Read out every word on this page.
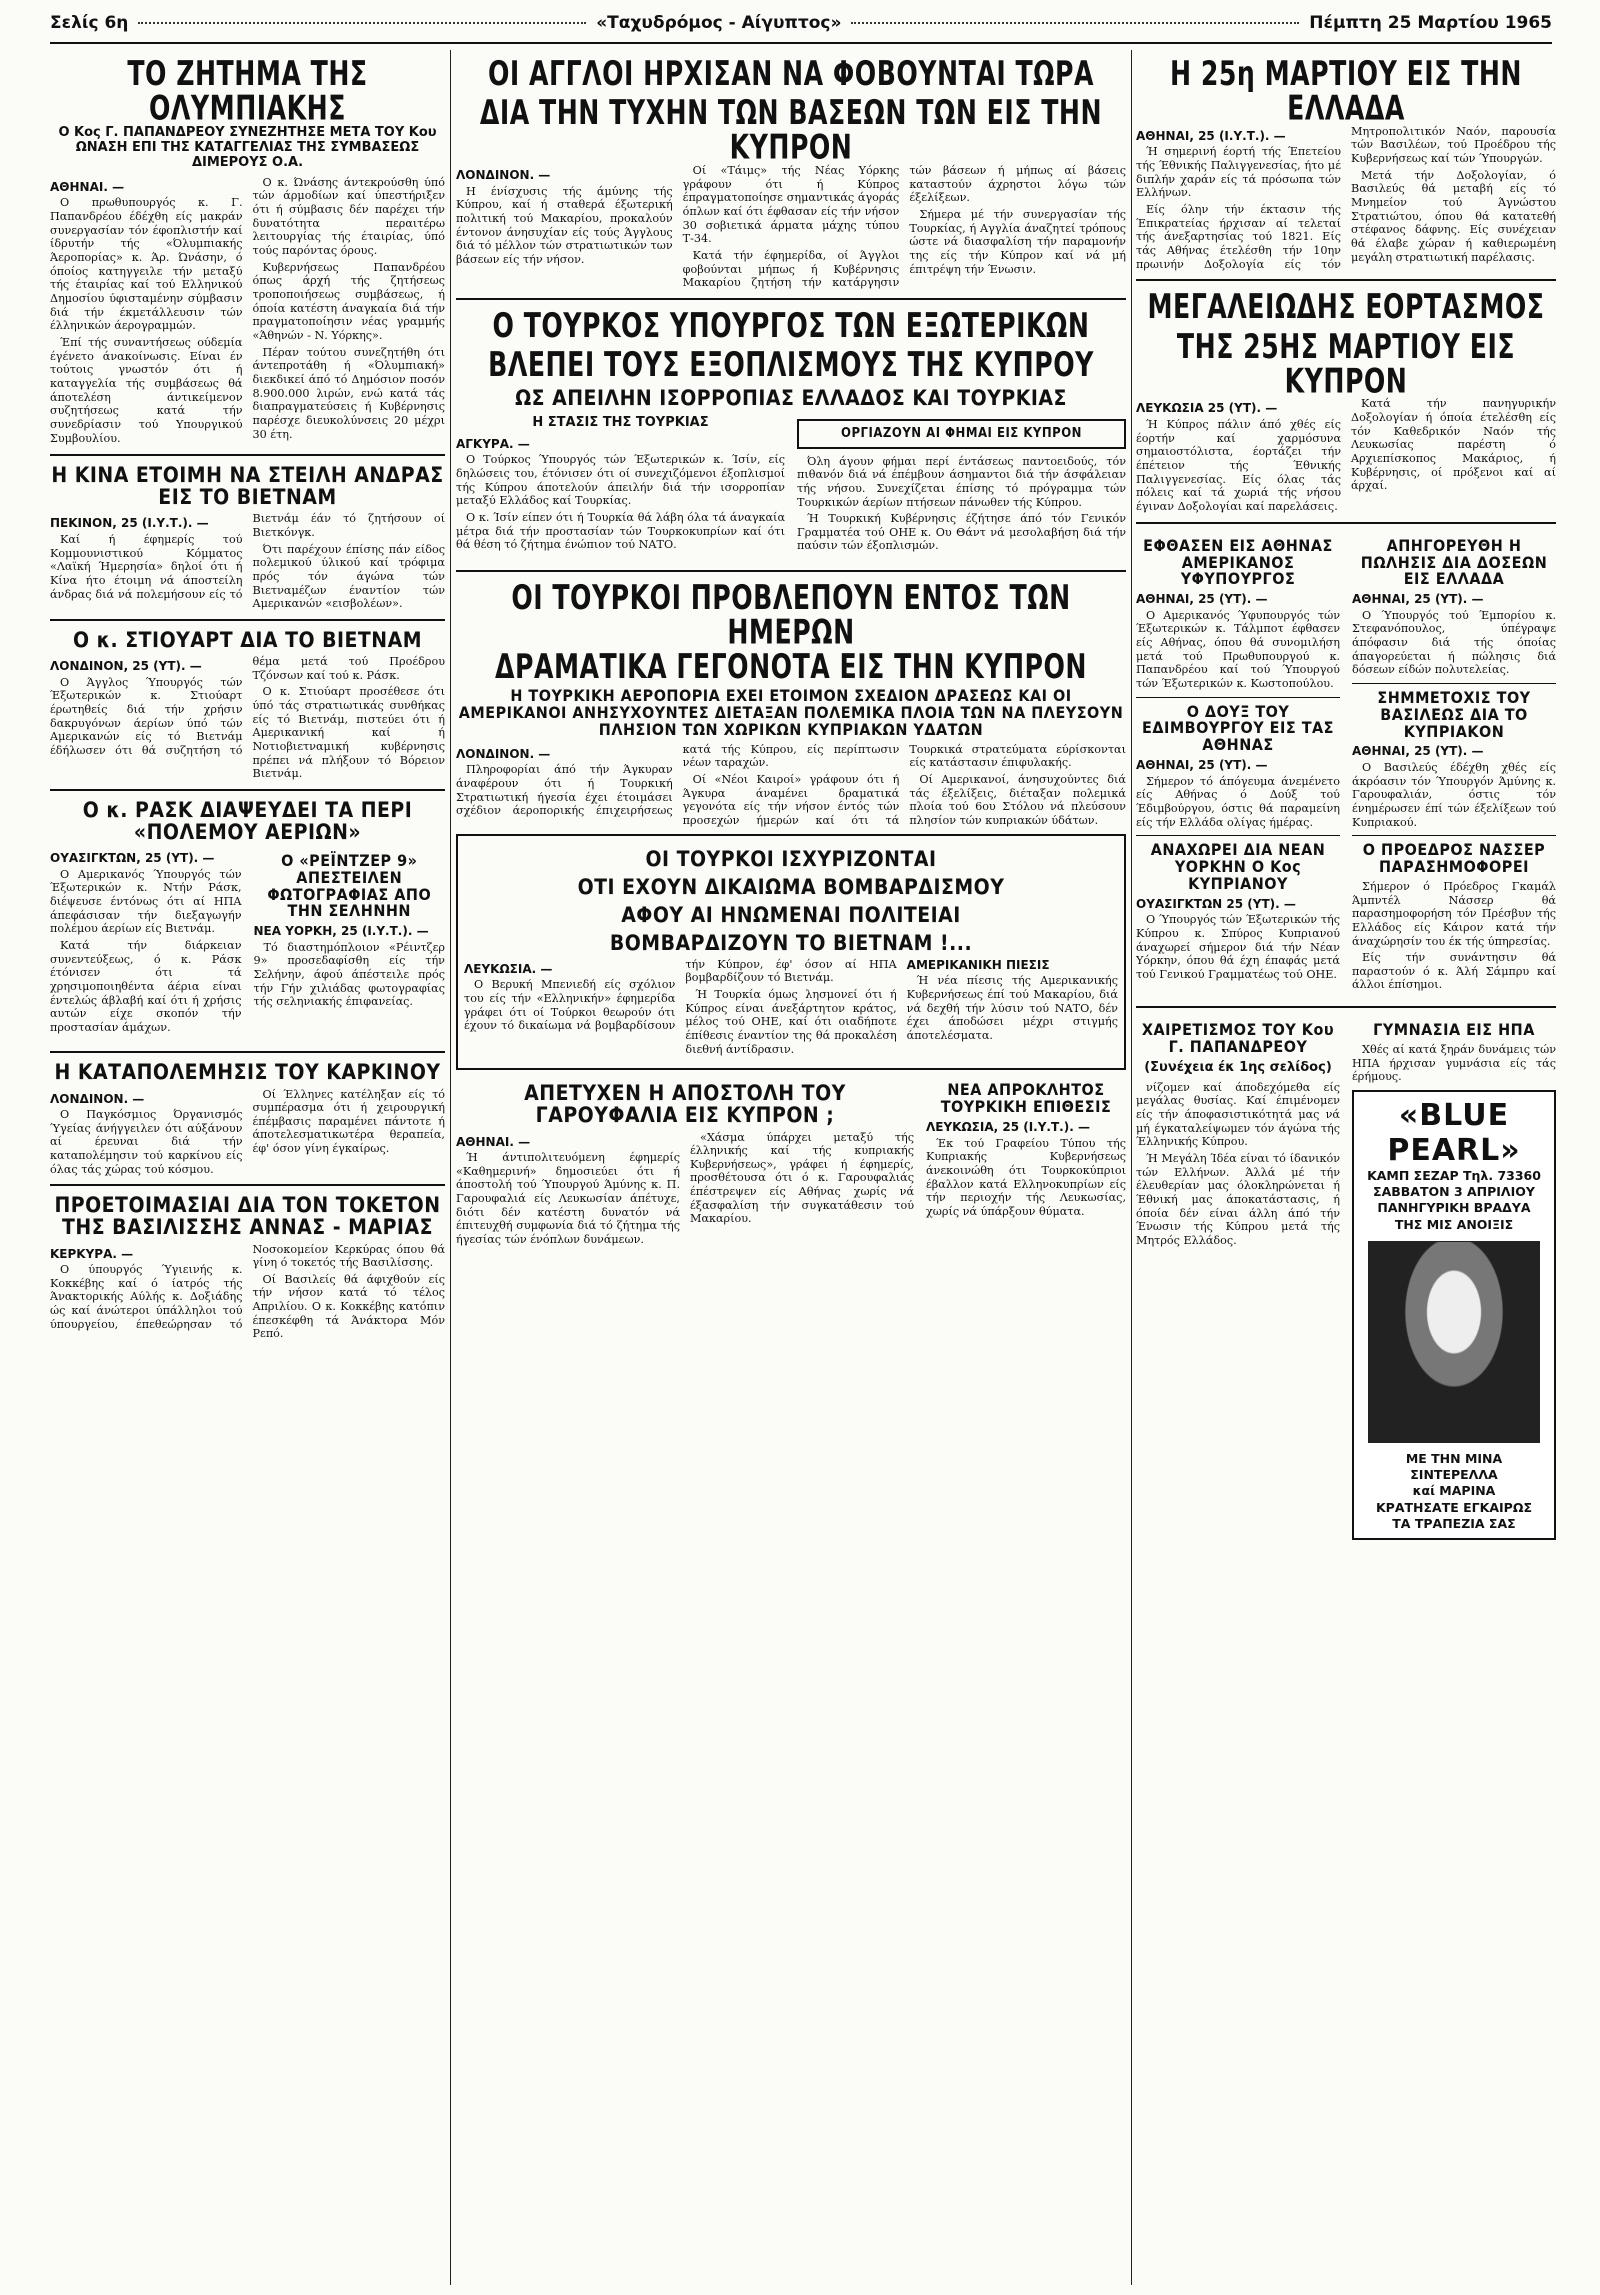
Σελίς 6η	«Ταχυδρόμος - Αίγυπτος»	Πέμπτη 25 Μαρτίου 1965
ΤΟ ΖΗΤΗΜΑ ΤΗΣ ΟΛΥΜΠΙΑΚΗΣ
Ο Κος Γ. ΠΑΠΑΝΔΡΕΟΥ ΣΥΝΕΖΗΤΗΣΕ ΜΕΤΑ ΤΟΥ Κου ΩΝΑΣΗ ΕΠΙ ΤΗΣ ΚΑΤΑΓΓΕΛΙΑΣ ΤΗΣ ΣΥΜΒΑΣΕΩΣ ΔΙΜΕΡΟΥΣ Ο.Α.
ΑΘΗΝΑΙ. —

Ο πρωθυπουργός κ. Γ. Παπανδρέου έδέχθη είς μακράν συνεργασίαν τόν έφοπλιστήν καί ίδρυτήν τής «Όλυμπιακής Άεροπορίας» κ. Άρ. Ώνάσην, ό όποίος κατηγγειλε τήν μεταξύ τής έταιρίας καί τού Ελληνικού Δημοσίου ύφισταμένην σύμβασιν διά τήν έκμετάλλευσιν τών έλληνικών άερογραμμών.

Έπί τής συναντήσεως ούδεμία έγένετο άνακοίνωσις. Είναι έν τούτοις γνωστόν ότι ή καταγγελία τής συμβάσεως θά άποτελέση άντικείμενον συζητήσεως κατά τήν συνεδρίασιν τού Υπουργικού Συμβουλίου.

Ο κ. Ώνάσης άντεκρούσθη ύπό τών άρμοδίων καί ύπεστήριξεν ότι ή σύμβασις δέν παρέχει τήν δυνατότητα περαιτέρω λειτουργίας τής έταιρίας, ύπό τούς παρόντας όρους.

Κυβερνήσεως Παπανδρέου όπως άρχή τής ζητήσεως τροποποιήσεως συμβάσεως, ή όποία κατέστη άναγκαία διά τήν πραγματοποίησιν νέας γραμμής «Άθηνών - Ν. Υόρκης».

Πέραν τούτου συνεζητήθη ότι άντεπροτάθη ή «Όλυμπιακή» διεκδικεί άπό τό Δημόσιον ποσόν 8.900.000 λιρών, ενώ κατά τάς διαπραγματεύσεις ή Κυβέρνησις παρέσχε διευκολύνσεις 20 μέχρι 30 έτη.

Η ΚΙΝΑ ΕΤΟΙΜΗ ΝΑ ΣΤΕΙΛΗ ΑΝΔΡΑΣ ΕΙΣ ΤΟ ΒΙΕΤΝΑΜ
ΠΕΚΙΝΟΝ, 25 (Ι.Υ.Τ.). —

Καί ή έφημερίς τού Κομμουνιστικού Κόμματος «Λαϊκή Ήμερησία» δηλοί ότι ή Κίνα ήτο έτοιμη νά άποστείλη άνδρας διά νά πολεμήσουν είς τό Βιετνάμ έάν τό ζητήσουν οί Βιετκόνγκ.

Ότι παρέχουν έπίσης πάν είδος πολεμικού ύλικού καί τρόφιμα πρός τόν άγώνα τών Βιετναμέζων έναντίον τών Αμερικανών «εισβολέων».

Ο κ. ΣΤΙΟΥΑΡΤ ΔΙΑ ΤΟ ΒΙΕΤΝΑΜ
ΛΟΝΔΙΝΟΝ, 25 (ΥΤ). —

Ο Άγγλος Ύπουργός τών Έξωτερικών κ. Στιούαρτ έρωτηθείς διά τήν χρήσιν δακρυγόνων άερίων ύπό τών Αμερικανών είς τό Βιετνάμ έδήλωσεν ότι θά συζητήση τό θέμα μετά τού Προέδρου Τζόνσων καί τού κ. Ράσκ.

Ο κ. Στιούαρτ προσέθεσε ότι ύπό τάς στρατιωτικάς συνθήκας είς τό Βιετνάμ, πιστεύει ότι ή Αμερικανική καί ή Νοτιοβιετναμική κυβέρνησις πρέπει νά πλήξουν τό Βόρειον Βιετνάμ.

Ο κ. ΡΑΣΚ ΔΙΑΨΕΥΔΕΙ ΤΑ ΠΕΡΙ «ΠΟΛΕΜΟΥ ΑΕΡΙΩΝ»
ΟΥΑΣΙΓΚΤΩΝ, 25 (ΥΤ). —

Ο Αμερικανός Ύπουργός τών Έξωτερικών κ. Ντήν Ράσκ, διέψευσε έντόνως ότι αί ΗΠΑ άπεφάσισαν τήν διεξαγωγήν πολέμου άερίων είς Βιετνάμ.

Κατά τήν διάρκειαν συνεντεύξεως, ό κ. Ράσκ έτόνισεν ότι τά χρησιμοποιηθέντα άέρια είναι έντελώς άβλαβή καί ότι ή χρήσις αυτών είχε σκοπόν τήν προστασίαν άμάχων.

Ο «ΡΕΪΝΤΖΕΡ 9» ΑΠΕΣΤΕΙΛΕΝ ΦΩΤΟΓΡΑΦΙΑΣ ΑΠΟ ΤΗΝ ΣΕΛΗΝΗΝ
ΝΕΑ ΥΟΡΚΗ, 25 (Ι.Υ.Τ.). —

Τό διαστημόπλοιον «Ρέιντζερ 9» προσεδαφίσθη είς τήν Σελήνην, άφού άπέστειλε πρός τήν Γήν χιλιάδας φωτογραφίας τής σεληνιακής έπιφανείας.

Η ΚΑΤΑΠΟΛΕΜΗΣΙΣ ΤΟΥ ΚΑΡΚΙΝΟΥ
ΛΟΝΔΙΝΟΝ. —

Ο Παγκόσμιος Όργανισμός Ύγείας άνήγγειλεν ότι αύξάνουν αί έρευναι διά τήν καταπολέμησιν τού καρκίνου είς όλας τάς χώρας τού κόσμου.

Οί Έλληνες κατέληξαν είς τό συμπέρασμα ότι ή χειρουργική έπέμβασις παραμένει πάντοτε ή άποτελεσματικωτέρα θεραπεία, έφ' όσον γίνη έγκαίρως.

ΠΡΟΕΤΟΙΜΑΣΙΑΙ ΔΙΑ ΤΟΝ ΤΟΚΕΤΟΝ ΤΗΣ ΒΑΣΙΛΙΣΣΗΣ ΑΝΝΑΣ - ΜΑΡΙΑΣ
ΚΕΡΚΥΡΑ. —

Ο ύπουργός Ύγιεινής κ. Κοκκέβης καί ό ίατρός τής Άνακτορικής Αύλής κ. Δοξιάδης ώς καί άνώτεροι ύπάλληλοι τού ύπουργείου, έπεθεώρησαν τό Νοσοκομείον Κερκύρας όπου θά γίνη ό τοκετός τής Βασιλίσσης.

Οί Βασιλείς θά άφιχθούν είς τήν νήσον κατά τό τέλος Απριλίου. Ο κ. Κοκκέβης κατόπιν έπεσκέφθη τά Άνάκτορα Μόν Ρεπό.

ΟΙ ΑΓΓΛΟΙ ΗΡΧΙΣΑΝ ΝΑ ΦΟΒΟΥΝΤΑΙ ΤΩΡΑ
ΔΙΑ ΤΗΝ ΤΥΧΗΝ ΤΩΝ ΒΑΣΕΩΝ ΤΩΝ ΕΙΣ ΤΗΝ ΚΥΠΡΟΝ
ΛΟΝΔΙΝΟΝ. —

Η ένίσχυσις τής άμύνης τής Κύπρου, καί ή σταθερά έξωτερική πολιτική τού Μακαρίου, προκαλούν έντονον άνησυχίαν είς τούς Άγγλους διά τό μέλλον τών στρατιωτικών των βάσεων είς τήν νήσον.

Οί «Τάιμς» τής Νέας Υόρκης γράφουν ότι ή Κύπρος έπραγματοποίησε σημαντικάς άγοράς όπλων καί ότι έφθασαν είς τήν νήσον 30 σοβιετικά άρματα μάχης τύπου Τ-34.

Κατά τήν έφημερίδα, οί Άγγλοι φοβούνται μήπως ή Κυβέρνησις Μακαρίου ζητήση τήν κατάργησιν τών βάσεων ή μήπως αί βάσεις καταστούν άχρηστοι λόγω τών έξελίξεων.

Σήμερα μέ τήν συνεργασίαν τής Τουρκίας, ή Αγγλία άναζητεί τρόπους ώστε νά διασφαλίση τήν παραμονήν της είς τήν Κύπρον καί νά μή έπιτρέψη τήν Ένωσιν.

Ο ΤΟΥΡΚΟΣ ΥΠΟΥΡΓΟΣ ΤΩΝ ΕΞΩΤΕΡΙΚΩΝ
ΒΛΕΠΕΙ ΤΟΥΣ ΕΞΟΠΛΙΣΜΟΥΣ ΤΗΣ ΚΥΠΡΟΥ
ΩΣ ΑΠΕΙΛΗΝ ΙΣΟΡΡΟΠΙΑΣ ΕΛΛΑΔΟΣ ΚΑΙ ΤΟΥΡΚΙΑΣ
Η ΣΤΑΣΙΣ ΤΗΣ ΤΟΥΡΚΙΑΣ
ΑΓΚΥΡΑ. —

Ο Τούρκος Ύπουργός τών Έξωτερικών κ. Ίσίν, είς δηλώσεις του, έτόνισεν ότι οί συνεχιζόμενοι έξοπλισμοί τής Κύπρου άποτελούν άπειλήν διά τήν ισορροπίαν μεταξύ Ελλάδος καί Τουρκίας.

Ο κ. Ίσίν είπεν ότι ή Τουρκία θά λάβη όλα τά άναγκαία μέτρα διά τήν προστασίαν τών Τουρκοκυπρίων καί ότι θά θέση τό ζήτημα ένώπιον τού ΝΑΤΟ.

ΟΡΓΙΑΖΟΥΝ ΑΙ ΦΗΜΑΙ ΕΙΣ ΚΥΠΡΟΝ

Όλη άγουν φήμαι περί έντάσεως παντοειδούς, τόν πιθανόν διά νά έπέμβουν άσημαντοι διά τήν άσφάλειαν τής νήσου. Συνεχίζεται έπίσης τό πρόγραμμα τών Τουρκικών άερίων πτήσεων πάνωθεν τής Κύπρου.

Ή Τουρκική Κυβέρνησις έζήτησε άπό τόν Γενικόν Γραμματέα τού ΟΗΕ κ. Ου Θάντ νά μεσολαβήση διά τήν παύσιν τών έξοπλισμών.

ΟΙ ΤΟΥΡΚΟΙ ΠΡΟΒΛΕΠΟΥΝ ΕΝΤΟΣ ΤΩΝ ΗΜΕΡΩΝ
ΔΡΑΜΑΤΙΚΑ ΓΕΓΟΝΟΤΑ ΕΙΣ ΤΗΝ ΚΥΠΡΟΝ
Η ΤΟΥΡΚΙΚΗ ΑΕΡΟΠΟΡΙΑ ΕΧΕΙ ΕΤΟΙΜΟΝ ΣΧΕΔΙΟΝ ΔΡΑΣΕΩΣ ΚΑΙ ΟΙ ΑΜΕΡΙΚΑΝΟΙ ΑΝΗΣΥΧΟΥΝΤΕΣ ΔΙΕΤΑΞΑΝ ΠΟΛΕΜΙΚΑ ΠΛΟΙΑ ΤΩΝ ΝΑ ΠΛΕΥΣΟΥΝ ΠΛΗΣΙΟΝ ΤΩΝ ΧΩΡΙΚΩΝ ΚΥΠΡΙΑΚΩΝ ΥΔΑΤΩΝ
ΛΟΝΔΙΝΟΝ. —

Πληροφορίαι άπό τήν Άγκυραν άναφέρουν ότι ή Τουρκική Στρατιωτική ήγεσία έχει έτοιμάσει σχέδιον άεροπορικής έπιχειρήσεως κατά τής Κύπρου, είς περίπτωσιν νέων ταραχών.

Οί «Νέοι Καιροί» γράφουν ότι ή Άγκυρα άναμένει δραματικά γεγονότα είς τήν νήσον έντός τών προσεχών ήμερών καί ότι τά Τουρκικά στρατεύματα εύρίσκονται είς κατάστασιν έπιφυλακής.

Οί Αμερικανοί, άνησυχούντες διά τάς έξελίξεις, διέταξαν πολεμικά πλοία τού 6ου Στόλου νά πλεύσουν πλησίον τών κυπριακών ύδάτων.

ΟΙ ΤΟΥΡΚΟΙ ΙΣΧΥΡΙΖΟΝΤΑΙ
ΟΤΙ ΕΧΟΥΝ ΔΙΚΑΙΩΜΑ ΒΟΜΒΑΡΔΙΣΜΟΥ
ΑΦΟΥ ΑΙ ΗΝΩΜΕΝΑΙ ΠΟΛΙΤΕΙΑΙ
ΒΟΜΒΑΡΔΙΖΟΥΝ ΤΟ ΒΙΕΤΝΑΜ !...
ΛΕΥΚΩΣΙΑ. —

Ο Βερυκή Μπενιεδή είς σχόλιον του είς τήν «Ελληνικήν» έφημερίδα γράφει ότι οί Τούρκοι θεωρούν ότι έχουν τό δικαίωμα νά βομβαρδίσουν τήν Κύπρον, έφ' όσον αί ΗΠΑ βομβαρδίζουν τό Βιετνάμ.

Ή Τουρκία όμως λησμονεί ότι ή Κύπρος είναι άνεξάρτητον κράτος, μέλος τού ΟΗΕ, καί ότι οιαδήποτε έπίθεσις έναντίον της θά προκαλέση διεθνή άντίδρασιν.

ΑΜΕΡΙΚΑΝΙΚΗ ΠΙΕΣΙΣ

Ή νέα πίεσις τής Αμερικανικής Κυβερνήσεως έπί τού Μακαρίου, διά νά δεχθή τήν λύσιν τού ΝΑΤΟ, δέν έχει άποδώσει μέχρι στιγμής άποτελέσματα.

ΑΠΕΤΥΧΕΝ Η ΑΠΟΣΤΟΛΗ ΤΟΥ ΓΑΡΟΥΦΑΛΙΑ ΕΙΣ ΚΥΠΡΟΝ ;
ΑΘΗΝΑΙ. —

Ή άντιπολιτευόμενη έφημερίς «Καθημερινή» δημοσιεύει ότι ή άποστολή τού Ύπουργού Άμύνης κ. Π. Γαρουφαλιά είς Λευκωσίαν άπέτυχε, διότι δέν κατέστη δυνατόν νά έπιτευχθή συμφωνία διά τό ζήτημα τής ήγεσίας τών ένόπλων δυνάμεων.

«Χάσμα ύπάρχει μεταξύ τής έλληνικής καί τής κυπριακής Κυβερνήσεως», γράφει ή έφημερίς, προσθέτουσα ότι ό κ. Γαρουφαλιάς έπέστρεψεν είς Αθήνας χωρίς νά έξασφαλίση τήν συγκατάθεσιν τού Μακαρίου.

ΝΕΑ ΑΠΡΟΚΛΗΤΟΣ ΤΟΥΡΚΙΚΗ ΕΠΙΘΕΣΙΣ
ΛΕΥΚΩΣΙΑ, 25 (Ι.Υ.Τ.). —

Έκ τού Γραφείου Τύπου τής Κυπριακής Κυβερνήσεως άνεκοινώθη ότι Τουρκοκύπριοι έβαλλον κατά Ελληνοκυπρίων είς τήν περιοχήν τής Λευκωσίας, χωρίς νά ύπάρξουν θύματα.

Η 25η ΜΑΡΤΙΟΥ ΕΙΣ ΤΗΝ ΕΛΛΑΔΑ
ΑΘΗΝΑΙ, 25 (Ι.Υ.Τ.). —

Ή σημερινή έορτή τής Έπετείου τής Έθνικής Παλιγγενεσίας, ήτο μέ διπλήν χαράν είς τά πρόσωπα τών Ελλήνων.

Είς όλην τήν έκτασιν τής Έπικρατείας ήρχισαν αί τελεταί τής άνεξαρτησίας τού 1821. Είς τάς Αθήνας έτελέσθη τήν 10ην πρωινήν Δοξολογία είς τόν Μητροπολιτικόν Ναόν, παρουσία τών Βασιλέων, τού Προέδρου τής Κυβερνήσεως καί τών Ύπουργών.

Μετά τήν Δοξολογίαν, ό Βασιλεύς θά μεταβή είς τό Μνημείον τού Άγνώστου Στρατιώτου, όπου θά κατατεθή στέφανος δάφνης. Είς συνέχειαν θά έλαβε χώραν ή καθιερωμένη μεγάλη στρατιωτική παρέλασις.

ΜΕΓΑΛΕΙΩΔΗΣ ΕΟΡΤΑΣΜΟΣ
ΤΗΣ 25ΗΣ ΜΑΡΤΙΟΥ ΕΙΣ ΚΥΠΡΟΝ
ΛΕΥΚΩΣΙΑ 25 (ΥΤ). —

Ή Κύπρος πάλιν άπό χθές είς έορτήν καί χαρμόσυνα σημαιοστόλιστα, έορτάζει τήν έπέτειον τής Έθνικής Παλιγγενεσίας. Είς όλας τάς πόλεις καί τά χωριά τής νήσου έγιναν Δοξολογίαι καί παρελάσεις.

Κατά τήν πανηγυρικήν Δοξολογίαν ή όποία έτελέσθη είς τόν Καθεδρικόν Ναόν τής Λευκωσίας παρέστη ό Αρχιεπίσκοπος Μακάριος, ή Κυβέρνησις, οί πρόξενοι καί αί άρχαί.

ΕΦΘΑΣΕΝ ΕΙΣ ΑΘΗΝΑΣ ΑΜΕΡΙΚΑΝΟΣ ΥΦΥΠΟΥΡΓΟΣ
ΑΘΗΝΑΙ, 25 (ΥΤ). —

Ο Αμερικανός Ύφυπουργός τών Έξωτερικών κ. Τάλμποτ έφθασεν είς Αθήνας, όπου θά συνομιλήση μετά τού Πρωθυπουργού κ. Παπανδρέου καί τού Ύπουργού τών Έξωτερικών κ. Κωστοπούλου.

Ο ΔΟΥΞ ΤΟΥ ΕΔΙΜΒΟΥΡΓΟΥ ΕΙΣ ΤΑΣ ΑΘΗΝΑΣ
ΑΘΗΝΑΙ, 25 (ΥΤ). —

Σήμερον τό άπόγευμα άνεμένετο είς Αθήνας ό Δούξ τού Έδιμβούργου, όστις θά παραμείνη είς τήν Ελλάδα ολίγας ήμέρας.

ΑΝΑΧΩΡΕΙ ΔΙΑ ΝΕΑΝ ΥΟΡΚΗΝ Ο Κος ΚΥΠΡΙΑΝΟΥ
ΟΥΑΣΙΓΚΤΩΝ 25 (ΥΤ). —

Ο Ύπουργός τών Έξωτερικών τής Κύπρου κ. Σπύρος Κυπριανού άναχωρεί σήμερον διά τήν Νέαν Υόρκην, όπου θά έχη έπαφάς μετά τού Γενικού Γραμματέως τού ΟΗΕ.

ΑΠΗΓΟΡΕΥΘΗ Η ΠΩΛΗΣΙΣ ΔΙΑ ΔΟΣΕΩΝ ΕΙΣ ΕΛΛΑΔΑ
ΑΘΗΝΑΙ, 25 (ΥΤ). —

Ο Ύπουργός τού Έμπορίου κ. Στεφανόπουλος, ύπέγραψε άπόφασιν διά τής όποίας άπαγορεύεται ή πώλησις διά δόσεων είδών πολυτελείας.

ΣΗΜΜΕΤΟΧΙΣ ΤΟΥ ΒΑΣΙΛΕΩΣ ΔΙΑ ΤΟ ΚΥΠΡΙΑΚΟΝ
ΑΘΗΝΑΙ, 25 (ΥΤ). —

Ο Βασιλεύς έδέχθη χθές είς άκρόασιν τόν Ύπουργόν Άμύνης κ. Γαρουφαλιάν, όστις τόν ένημέρωσεν έπί τών έξελίξεων τού Κυπριακού.

Ο ΠΡΟΕΔΡΟΣ ΝΑΣΣΕΡ ΠΑΡΑΣΗΜΟΦΟΡΕΙ

Σήμερον ό Πρόεδρος Γκαμάλ Άμπντέλ Νάσσερ θά παρασημοφορήση τόν Πρέσβυν τής Ελλάδος είς Κάιρον κατά τήν άναχώρησίν του έκ τής ύπηρεσίας.

Είς τήν συνάντησιν θά παραστούν ό κ. Άλή Σάμπρυ καί άλλοι έπίσημοι.

ΧΑΙΡΕΤΙΣΜΟΣ ΤΟΥ Κου Γ. ΠΑΠΑΝΔΡΕΟΥ
(Συνέχεια έκ 1ης σελίδος)

νίζομεν καί άποδεχόμεθα είς μεγάλας θυσίας. Καί έπιμένομεν είς τήν άποφασιστικότητά μας νά μή έγκαταλείψωμεν τόν άγώνα τής Έλληνικής Κύπρου.

Ή Μεγάλη Ίδέα είναι τό ίδανικόν τών Ελλήνων. Άλλά μέ τήν έλευθερίαν μας όλοκληρώνεται ή Έθνική μας άποκατάστασις, ή όποία δέν είναι άλλη άπό τήν Ένωσιν τής Κύπρου μετά τής Μητρός Ελλάδος.

ΓΥΜΝΑΣΙΑ ΕΙΣ ΗΠΑ

Χθές αί κατά ξηράν δυνάμεις τών ΗΠΑ ήρχισαν γυμνάσια είς τάς έρήμους.

«BLUE PEARL»
ΚΑΜΠ ΣΕΖΑΡ Τηλ. 73360
ΣΑΒΒΑΤΟΝ 3 ΑΠΡΙΛΙΟΥ
ΠΑΝΗΓΥΡΙΚΗ ΒΡΑΔΥΑ
ΤΗΣ ΜΙΣ ΑΝΟΙΞΙΣ
ΜΕ ΤΗΝ ΜΙΝΑ ΣΙΝΤΕΡΕΛΛΑ
καί ΜΑΡΙΝΑ
ΚΡΑΤΗΣΑΤΕ ΕΓΚΑΙΡΩΣ
ΤΑ ΤΡΑΠΕΖΙΑ ΣΑΣ
